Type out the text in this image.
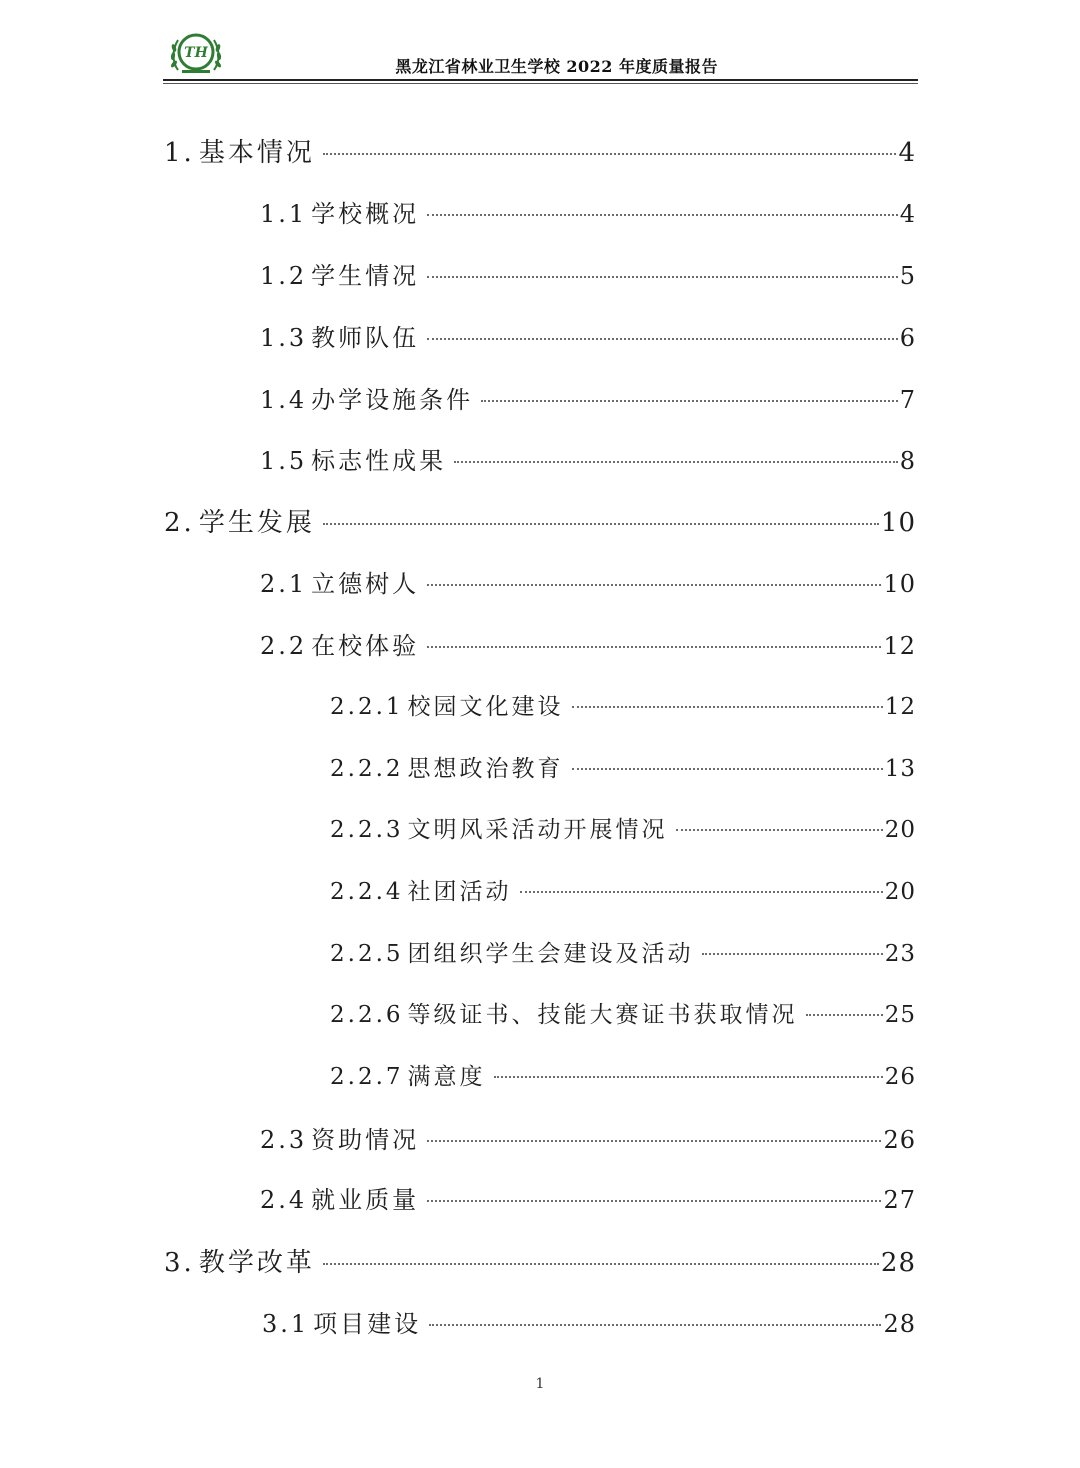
TH
黑龙江省林业卫生学校 2022 年度质量报告
1. 基本情况	4
1.1 学校概况	4
1.2 学生情况	5
1.3 教师队伍	6
1.4 办学设施条件	7
1.5 标志性成果	8
2. 学生发展	10
2.1 立德树人	10
2.2 在校体验	12
2.2.1 校园文化建设	12
2.2.2 思想政治教育	13
2.2.3 文明风采活动开展情况	20
2.2.4 社团活动	20
2.2.5 团组织学生会建设及活动	23
2.2.6 等级证书、技能大赛证书获取情况	25
2.2.7 满意度	26
2.3 资助情况	26
2.4 就业质量	27
3. 教学改革	28
3.1 项目建设	28
1
